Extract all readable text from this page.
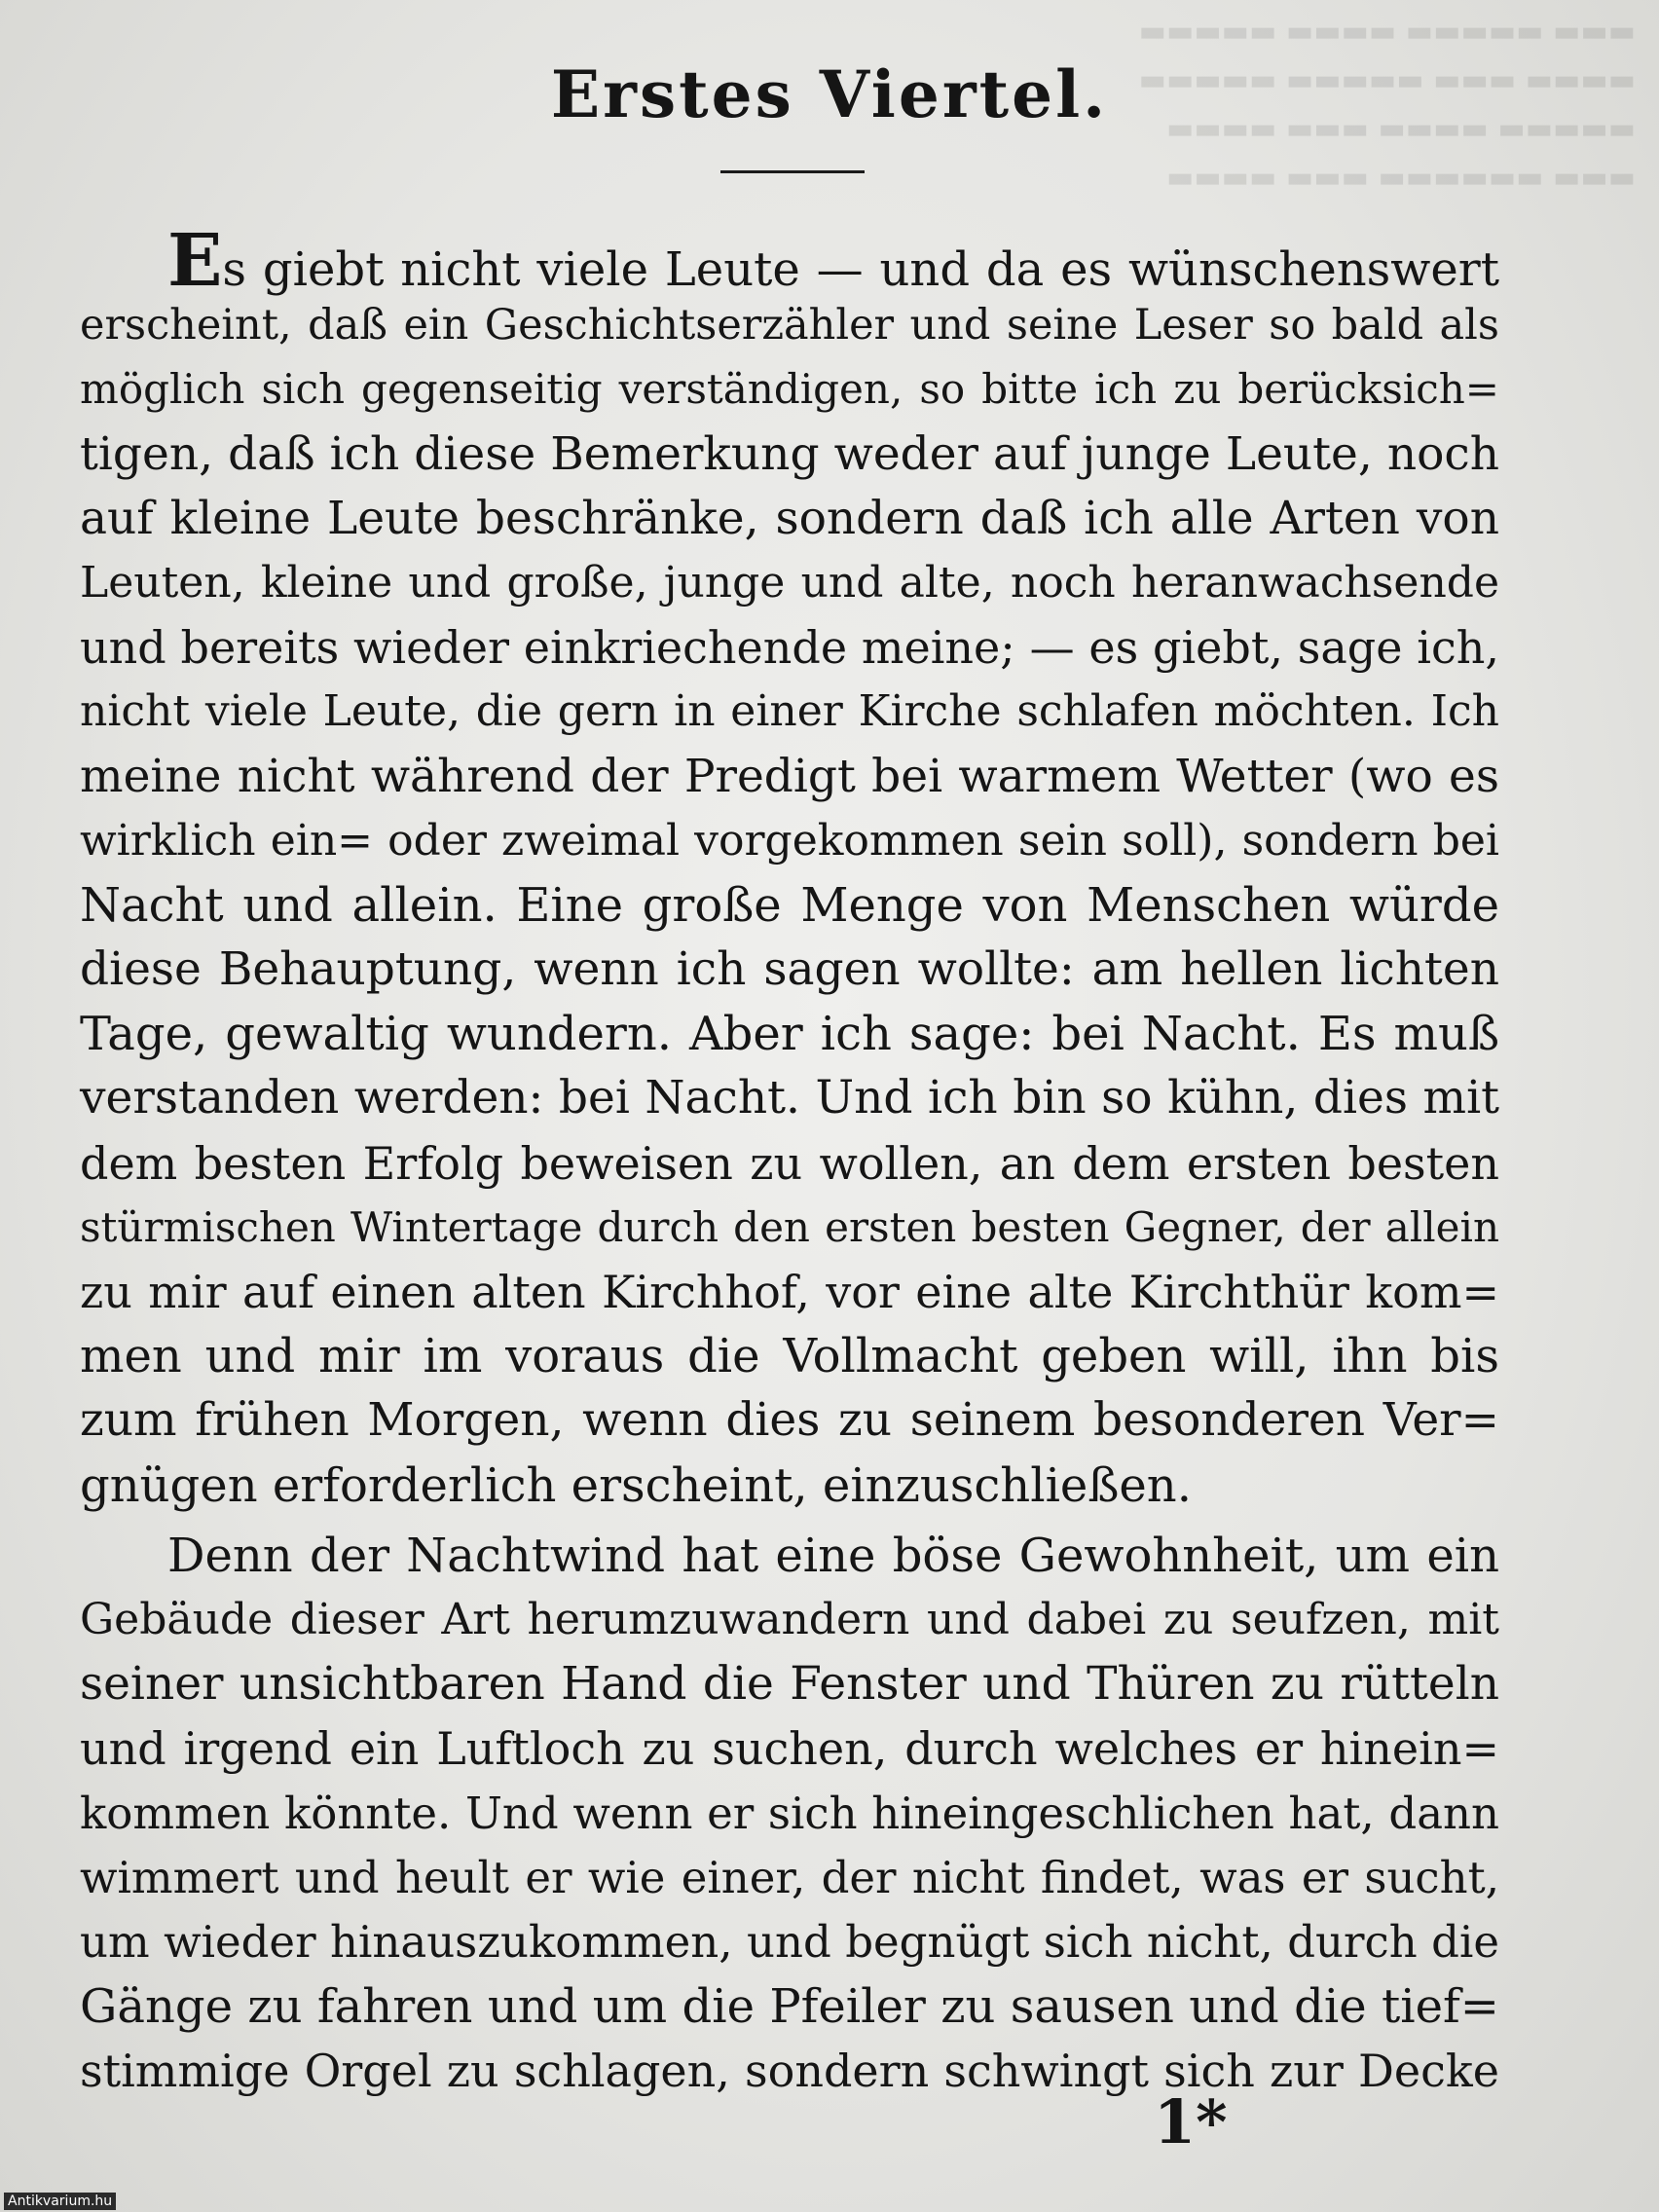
▬▬▬ ▬▬▬▬▬ ▬▬▬▬ ▬▬▬▬▬
▬▬▬▬ ▬▬▬ ▬▬▬▬▬ ▬▬▬▬▬
▬▬▬▬▬ ▬▬▬▬ ▬▬▬ ▬▬▬▬
▬▬▬ ▬▬▬▬▬▬ ▬▬▬ ▬▬▬▬
Erstes Viertel.
Es giebt nicht viele Leute — und da es wünschenswert
erscheint, daß ein Geschichtserzähler und seine Leser so bald als
möglich sich gegenseitig verständigen, so bitte ich zu berücksich=
tigen, daß ich diese Bemerkung weder auf junge Leute, noch
auf kleine Leute beschränke, sondern daß ich alle Arten von
Leuten, kleine und große, junge und alte, noch heranwachsende
und bereits wieder einkriechende meine; — es giebt, sage ich,
nicht viele Leute, die gern in einer Kirche schlafen möchten. Ich
meine nicht während der Predigt bei warmem Wetter (wo es
wirklich ein= oder zweimal vorgekommen sein soll), sondern bei
Nacht und allein. Eine große Menge von Menschen würde
diese Behauptung, wenn ich sagen wollte: am hellen lichten
Tage, gewaltig wundern. Aber ich sage: bei Nacht. Es muß
verstanden werden: bei Nacht. Und ich bin so kühn, dies mit
dem besten Erfolg beweisen zu wollen, an dem ersten besten
stürmischen Wintertage durch den ersten besten Gegner, der allein
zu mir auf einen alten Kirchhof, vor eine alte Kirchthür kom=
men und mir im voraus die Vollmacht geben will, ihn bis
zum frühen Morgen, wenn dies zu seinem besonderen Ver=
gnügen erforderlich erscheint, einzuschließen.
Denn der Nachtwind hat eine böse Gewohnheit, um ein
Gebäude dieser Art herumzuwandern und dabei zu seufzen, mit
seiner unsichtbaren Hand die Fenster und Thüren zu rütteln
und irgend ein Luftloch zu suchen, durch welches er hinein=
kommen könnte. Und wenn er sich hineingeschlichen hat, dann
wimmert und heult er wie einer, der nicht findet, was er sucht,
um wieder hinauszukommen, und begnügt sich nicht, durch die
Gänge zu fahren und um die Pfeiler zu sausen und die tief=
stimmige Orgel zu schlagen, sondern schwingt sich zur Decke
1*
Antikvarium.hu
